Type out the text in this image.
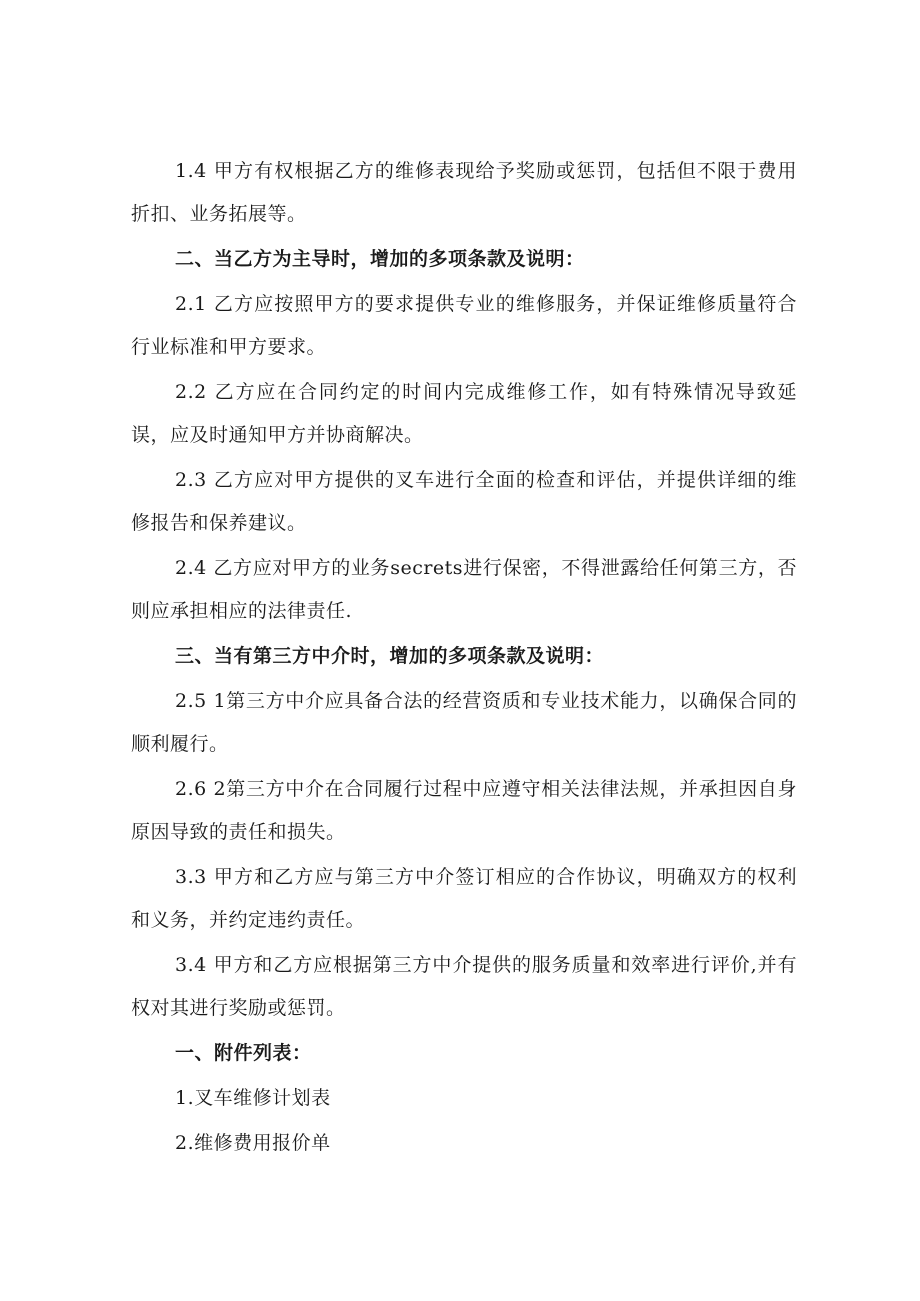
1.4 甲方有权根据乙方的维修表现给予奖励或惩罚，包括但不限于费用折扣、业务拓展等。

二、当乙方为主导时，增加的多项条款及说明：

2.1 乙方应按照甲方的要求提供专业的维修服务，并保证维修质量符合行业标准和甲方要求。

2.2 乙方应在合同约定的时间内完成维修工作，如有特殊情况导致延误，应及时通知甲方并协商解决。

2.3 乙方应对甲方提供的叉车进行全面的检查和评估，并提供详细的维修报告和保养建议。

2.4 乙方应对甲方的业务secrets进行保密，不得泄露给任何第三方，否则应承担相应的法律责任.

三、当有第三方中介时，增加的多项条款及说明：

2.5 1第三方中介应具备合法的经营资质和专业技术能力，以确保合同的顺利履行。

2.6 2第三方中介在合同履行过程中应遵守相关法律法规，并承担因自身原因导致的责任和损失。

3.3 甲方和乙方应与第三方中介签订相应的合作协议，明确双方的权利和义务，并约定违约责任。

3.4 甲方和乙方应根据第三方中介提供的服务质量和效率进行评价,并有权对其进行奖励或惩罚。

一、附件列表：

1.叉车维修计划表

2.维修费用报价单
